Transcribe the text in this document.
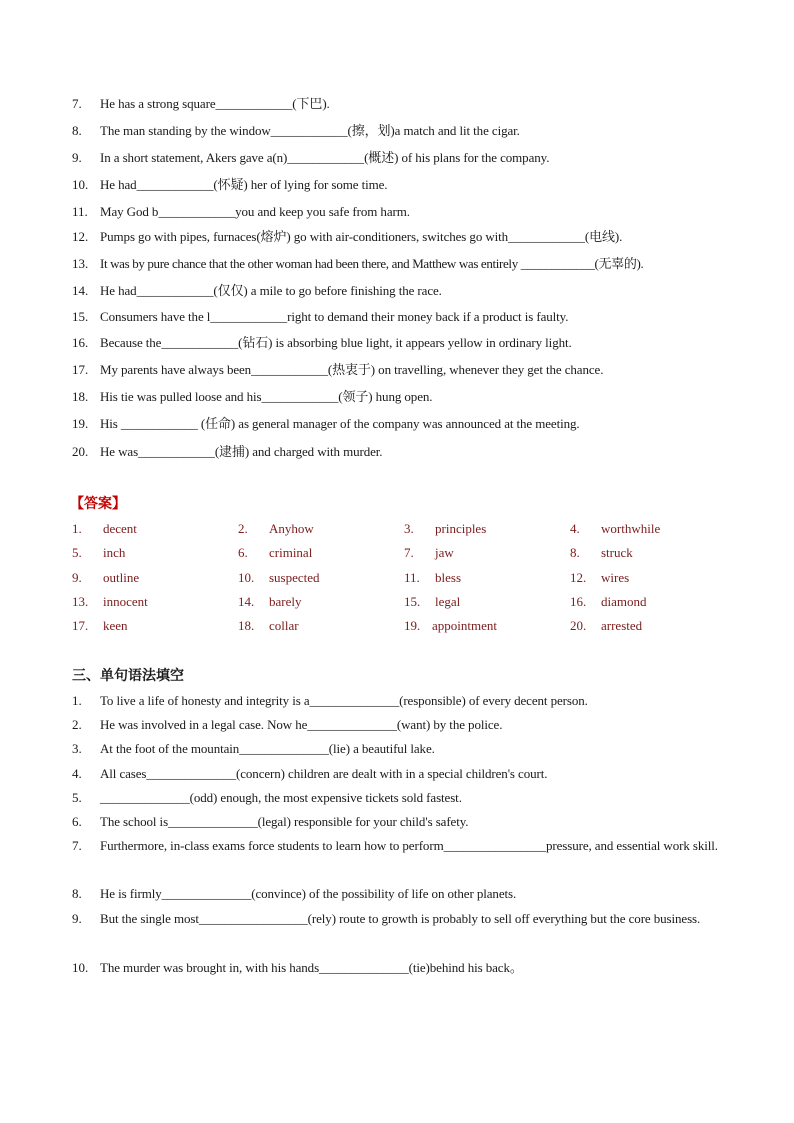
7. He has a strong square____________(下巴).
8. The man standing by the window____________(擦，划)a match and lit the cigar.
9. In a short statement, Akers gave a(n)____________(概述) of his plans for the company.
10. He had____________(怀疑) her of lying for some time.
11. May God b____________you and keep you safe from harm.
12. Pumps go with pipes, furnaces(熔炉) go with air-conditioners, switches go with____________(电线).
13. It was by pure chance that the other woman had been there, and Matthew was entirely ____________(无辜的).
14. He had____________(仅仅) a mile to go before finishing the race.
15. Consumers have the l____________right to demand their money back if a product is faulty.
16. Because the____________(钻石) is absorbing blue light, it appears yellow in ordinary light.
17. My parents have always been____________(热衷于) on travelling, whenever they get the chance.
18. His tie was pulled loose and his____________(领子) hung open.
19. His ____________ (任命) as general manager of the company was announced at the meeting.
20. He was____________(逮捕) and charged with murder.
【答案】
1. decent	2. Anyhow	3. principles	4. worthwhile
5. inch	6. criminal	7. jaw	8. struck
9. outline	10. suspected	11. bless	12. wires
13. innocent	14. barely	15. legal	16. diamond
17. keen	18. collar	19. appointment	20. arrested
三、单句语法填空
1. To live a life of honesty and integrity is a______________(responsible) of every decent person.
2. He was involved in a legal case. Now he______________(want) by the police.
3. At the foot of the mountain______________(lie) a beautiful lake.
4. All cases______________(concern) children are dealt with in a special children's court.
5. ______________(odd) enough, the most expensive tickets sold fastest.
6. The school is______________(legal) responsible for your child's safety.
7. Furthermore, in-class exams force students to learn how to perform________________pressure, and essential work skill.
8. He is firmly______________(convince) of the possibility of life on other planets.
9. But the single most_________________(rely) route to growth is probably to sell off everything but the core business.
10. The murder was brought in, with his hands______________(tie)behind his back。
